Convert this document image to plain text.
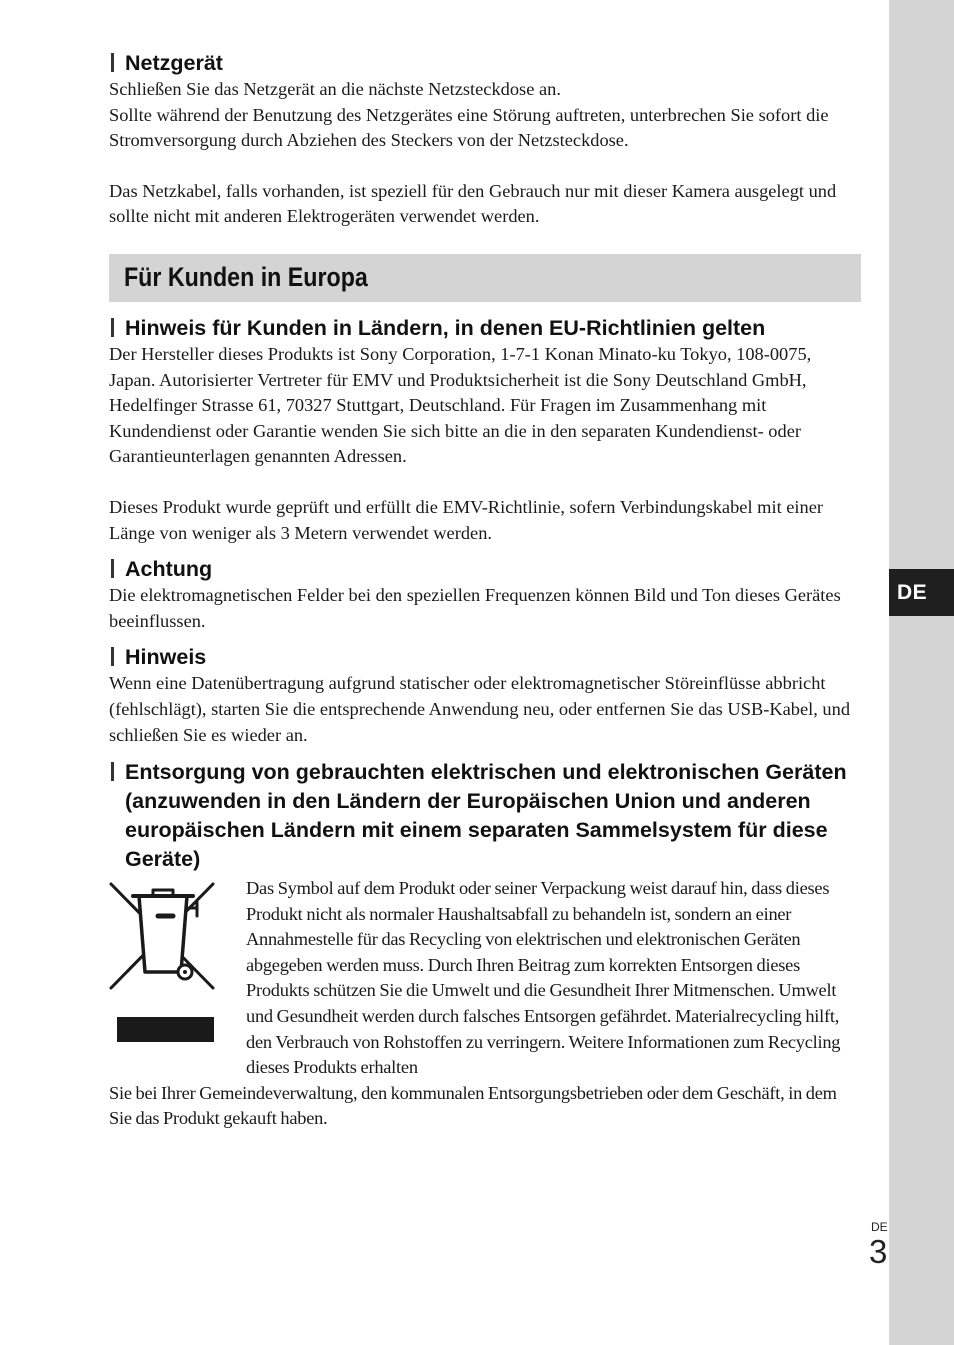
DE
Netzgerät

Schließen Sie das Netzgerät an die nächste Netzsteckdose an.

Sollte während der Benutzung des Netzgerätes eine Störung auftreten, unterbrechen Sie sofort die Stromversorgung durch Abziehen des Steckers von der Netzsteckdose.

Das Netzkabel, falls vorhanden, ist speziell für den Gebrauch nur mit dieser Kamera ausgelegt und sollte nicht mit anderen Elektrogeräten verwendet werden.

Für Kunden in Europa
Hinweis für Kunden in Ländern, in denen EU-Richtlinien gelten

Der Hersteller dieses Produkts ist Sony Corporation, 1-7-1 Konan Minato-ku Tokyo, 108-0075, Japan. Autorisierter Vertreter für EMV und Produktsicherheit ist die Sony Deutschland GmbH, Hedelfinger Strasse 61, 70327 Stuttgart, Deutschland. Für Fragen im Zusammenhang mit Kundendienst oder Garantie wenden Sie sich bitte an die in den separaten Kundendienst- oder Garantieunterlagen genannten Adressen.

Dieses Produkt wurde geprüft und erfüllt die EMV-Richtlinie, sofern Verbindungskabel mit einer Länge von weniger als 3 Metern verwendet werden.

Achtung

Die elektromagnetischen Felder bei den speziellen Frequenzen können Bild und Ton dieses Gerätes beeinflussen.

Hinweis

Wenn eine Datenübertragung aufgrund statischer oder elektromagnetischer Störeinflüsse abbricht (fehlschlägt), starten Sie die entsprechende Anwendung neu, oder entfernen Sie das USB-Kabel, und schließen Sie es wieder an.

Entsorgung von gebrauchten elektrischen und elektronischen Geräten (anzuwenden in den Ländern der Europäischen Union und anderen europäischen Ländern mit einem separaten Sammelsystem für diese Geräte)

Das Symbol auf dem Produkt oder seiner Verpackung weist darauf hin, dass dieses Produkt nicht als normaler Haushaltsabfall zu behandeln ist, sondern an einer Annahmestelle für das Recycling von elektrischen und elektronischen Geräten abgegeben werden muss. Durch Ihren Beitrag zum korrekten Entsorgen dieses Produkts schützen Sie die Umwelt und die Gesundheit Ihrer Mitmenschen. Umwelt und Gesundheit werden durch falsches Entsorgen gefährdet. Materialrecycling hilft, den Verbrauch von Rohstoffen zu verringern. Weitere Informationen zum Recycling dieses Produkts erhalten

Sie bei Ihrer Gemeindeverwaltung, den kommunalen Entsorgungsbetrieben oder dem Geschäft, in dem Sie das Produkt gekauft haben.

DE
3
